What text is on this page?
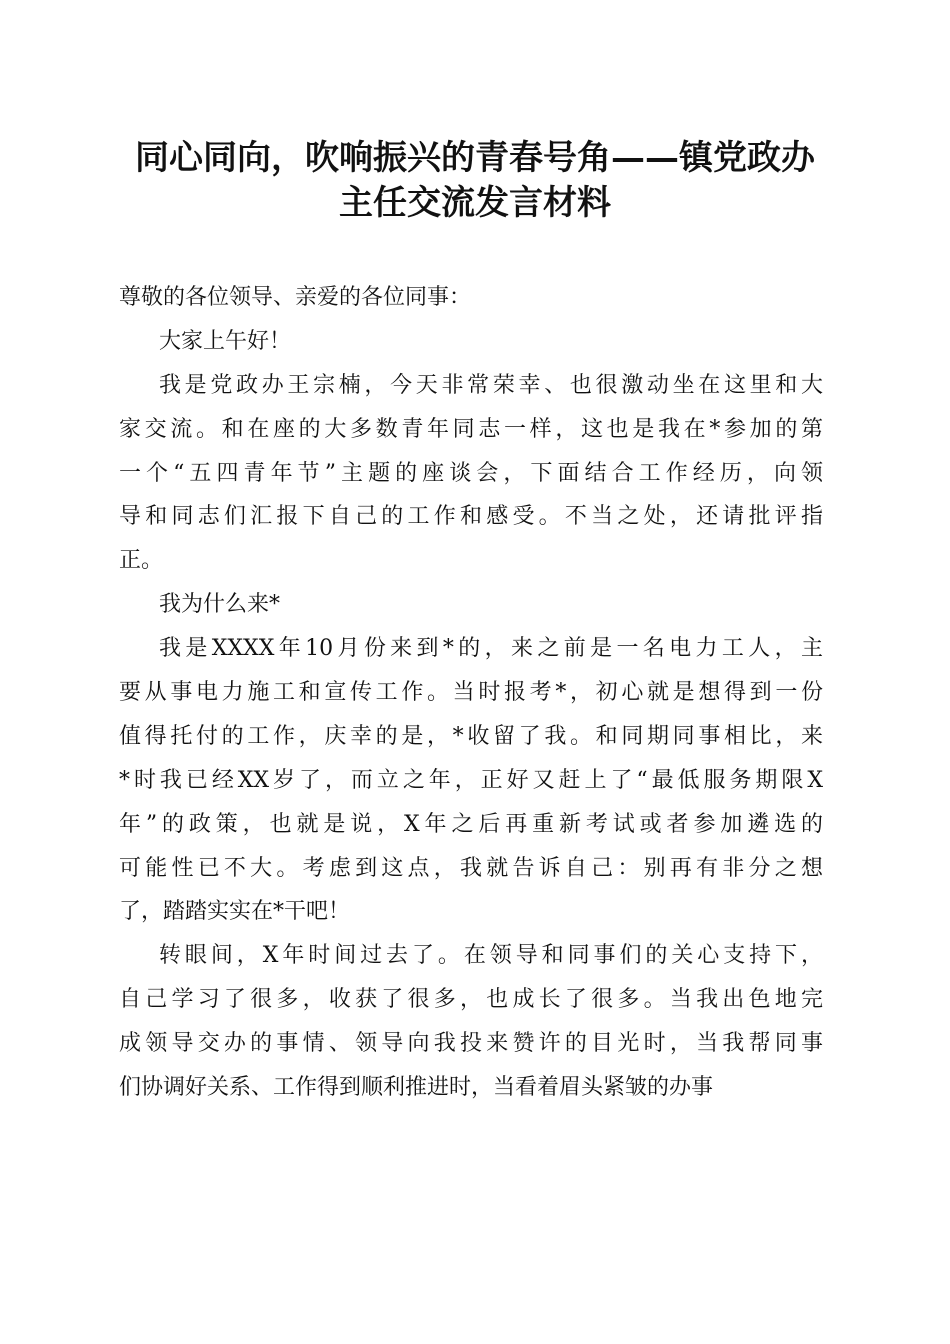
同心同向，吹响振兴的青春号角——镇党政办
主任交流发言材料
尊敬的各位领导、亲爱的各位同事：
大家上午好！
我是党政办王宗楠，今天非常荣幸、也很激动坐在这里和大
家交流。和在座的大多数青年同志一样，这也是我在*参加的第
一个“五四青年节”主题的座谈会，下面结合工作经历，向领
导和同志们汇报下自己的工作和感受。不当之处，还请批评指
正。
我为什么来*
我是XXXX年10月份来到*的，来之前是一名电力工人，主
要从事电力施工和宣传工作。当时报考*，初心就是想得到一份
值得托付的工作，庆幸的是，*收留了我。和同期同事相比，来
*时我已经XX岁了，而立之年，正好又赶上了“最低服务期限X
年”的政策，也就是说，X年之后再重新考试或者参加遴选的
可能性已不大。考虑到这点，我就告诉自己：别再有非分之想
了，踏踏实实在*干吧！
转眼间，X年时间过去了。在领导和同事们的关心支持下，
自己学习了很多，收获了很多，也成长了很多。当我出色地完
成领导交办的事情、领导向我投来赞许的目光时，当我帮同事
们协调好关系、工作得到顺利推进时，当看着眉头紧皱的办事
